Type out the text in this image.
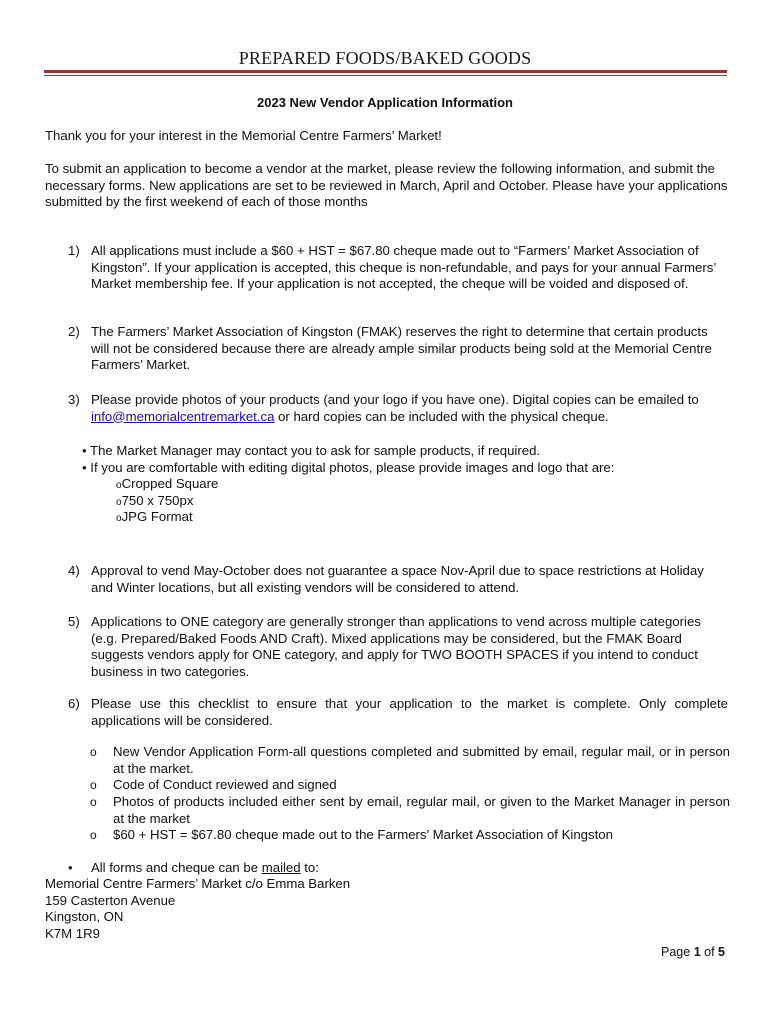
PREPARED FOODS/BAKED GOODS
2023 New Vendor Application Information
Thank you for your interest in the Memorial Centre Farmers’ Market!
To submit an application to become a vendor at the market, please review the following information, and submit the necessary forms. New applications are set to be reviewed in March, April and October. Please have your applications submitted by the first weekend of each of those months
1) All applications must include a $60 + HST = $67.80 cheque made out to “Farmers’ Market Association of Kingston”. If your application is accepted, this cheque is non-refundable, and pays for your annual Farmers’ Market membership fee. If your application is not accepted, the cheque will be voided and disposed of.
2) The Farmers’ Market Association of Kingston (FMAK) reserves the right to determine that certain products will not be considered because there are already ample similar products being sold at the Memorial Centre Farmers’ Market.
3) Please provide photos of your products (and your logo if you have one). Digital copies can be emailed to info@memorialcentremarket.ca or hard copies can be included with the physical cheque.
• The Market Manager may contact you to ask for sample products, if required.
• If you are comfortable with editing digital photos, please provide images and logo that are:
oCropped Square
o750 x 750px
oJPG Format
4) Approval to vend May-October does not guarantee a space Nov-April due to space restrictions at Holiday and Winter locations, but all existing vendors will be considered to attend.
5) Applications to ONE category are generally stronger than applications to vend across multiple categories (e.g. Prepared/Baked Foods AND Craft). Mixed applications may be considered, but the FMAK Board suggests vendors apply for ONE category, and apply for TWO BOOTH SPACES if you intend to conduct business in two categories.
6) Please use this checklist to ensure that your application to the market is complete. Only complete applications will be considered.
o New Vendor Application Form-all questions completed and submitted by email, regular mail, or in person at the market.
o Code of Conduct reviewed and signed
o Photos of products included either sent by email, regular mail, or given to the Market Manager in person at the market
o $60 + HST = $67.80 cheque made out to the Farmers’ Market Association of Kingston
•     All forms and cheque can be mailed to:
Memorial Centre Farmers’ Market c/o Emma Barken
159 Casterton Avenue
Kingston, ON
K7M 1R9
Page 1 of 5
